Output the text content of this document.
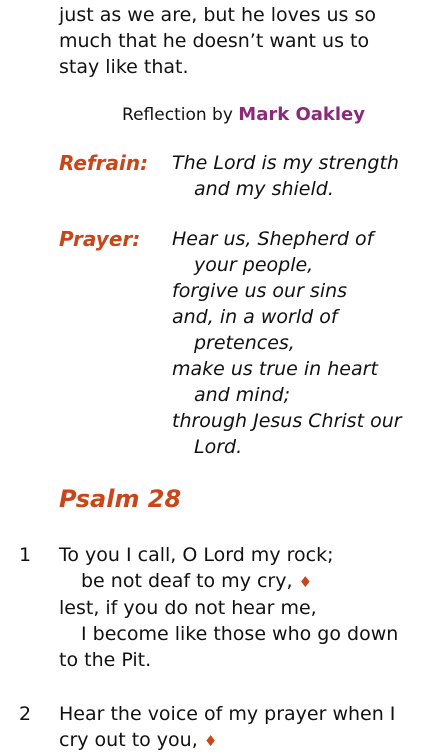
just as we are, but he loves us so
much that he doesn’t want us to
stay like that.
Reflection by Mark Oakley
Refrain: The Lord is my strength
and my shield.
Prayer: Hear us, Shepherd of
your people,
forgive us our sins
and, in a world of
pretences,
make us true in heart
and mind;
through Jesus Christ our
Lord.
Psalm 28
1 To you I call, O Lord my rock;
be not deaf to my cry, ♦
lest, if you do not hear me,
I become like those who go down
to the Pit.
2 Hear the voice of my prayer when I
cry out to you, ♦
